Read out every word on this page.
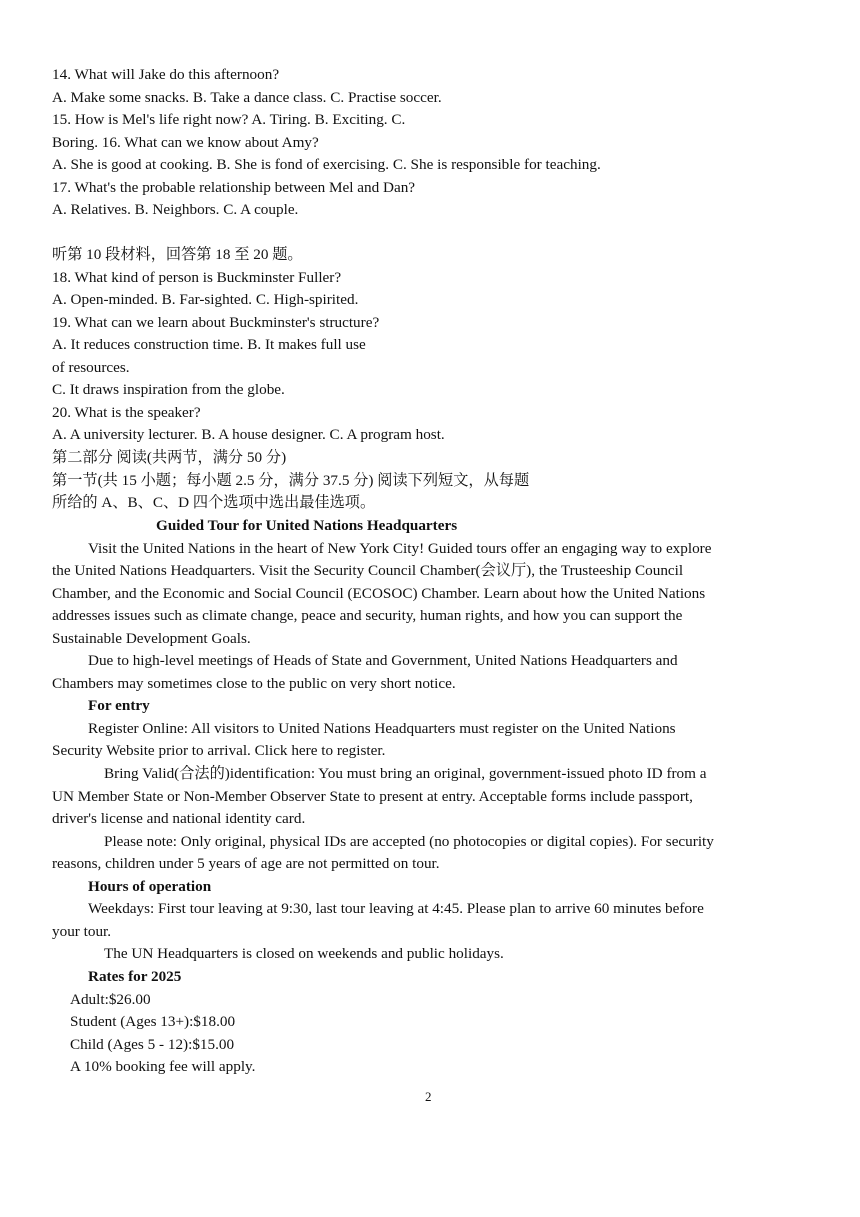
14. What will Jake do this afternoon?
A. Make some snacks. B. Take a dance class. C. Practise soccer.
15. How is Mel's life right now? A. Tiring. B. Exciting. C.
Boring. 16. What can we know about Amy?
A. She is good at cooking. B. She is fond of exercising. C. She is responsible for teaching.
17. What's the probable relationship between Mel and Dan?
A. Relatives. B. Neighbors. C. A couple.
听第 10 段材料，回答第 18 至 20 题。
18. What kind of person is Buckminster Fuller?
A. Open-minded. B. Far-sighted. C. High-spirited.
19. What can we learn about Buckminster's structure?
A. It reduces construction time. B. It makes full use
of resources.
C. It draws inspiration from the globe.
20. What is the speaker?
A. A university lecturer. B. A house designer. C. A program host.
第二部分 阅读(共两节，满分 50 分)
第一节(共 15 小题；每小题 2.5 分，满分 37.5 分) 阅读下列短文，从每题
所给的 A、B、C、D 四个选项中选出最佳选项。
Guided Tour for United Nations Headquarters
Visit the United Nations in the heart of New York City! Guided tours offer an engaging way to explore
the United Nations Headquarters. Visit the Security Council Chamber(会议厅), the Trusteeship Council
Chamber, and the Economic and Social Council (ECOSOC) Chamber. Learn about how the United Nations
addresses issues such as climate change, peace and security, human rights, and how you can support the
Sustainable Development Goals.
Due to high-level meetings of Heads of State and Government, United Nations Headquarters and
Chambers may sometimes close to the public on very short notice.
For entry
Register Online: All visitors to United Nations Headquarters must register on the United Nations
Security Website prior to arrival. Click here to register.
Bring Valid(合法的)identification: You must bring an original, government-issued photo ID from a
UN Member State or Non-Member Observer State to present at entry. Acceptable forms include passport,
driver's license and national identity card.
Please note: Only original, physical IDs are accepted (no photocopies or digital copies). For security
reasons, children under 5 years of age are not permitted on tour.
Hours of operation
Weekdays: First tour leaving at 9:30, last tour leaving at 4:45. Please plan to arrive 60 minutes before
your tour.
The UN Headquarters is closed on weekends and public holidays.
Rates for 2025
Adult:$26.00
Student (Ages 13+):$18.00
Child (Ages 5 - 12):$15.00
A 10% booking fee will apply.
2
